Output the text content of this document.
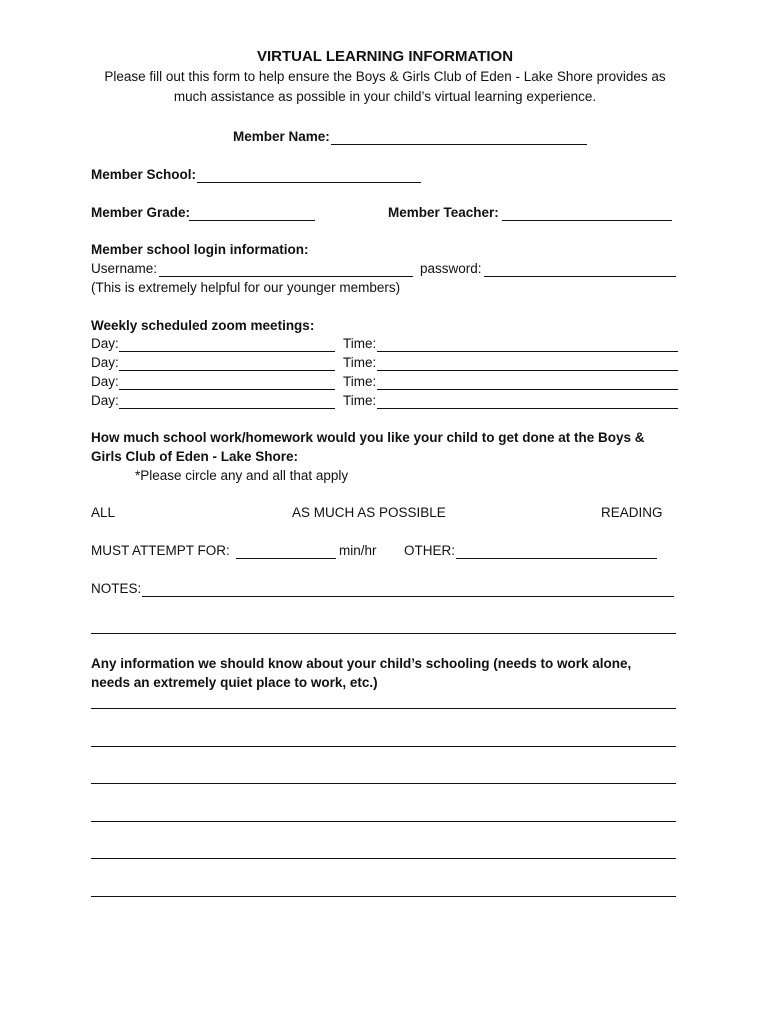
VIRTUAL LEARNING INFORMATION
Please fill out this form to help ensure the Boys & Girls Club of Eden - Lake Shore provides as
much assistance as possible in your child’s virtual learning experience.
Member Name:
Member School:
Member Grade:	Member Teacher:
Member school login information:
Username:	password:
(This is extremely helpful for our younger members)
Weekly scheduled zoom meetings:
Day:	Time:
Day:	Time:
Day:	Time:
Day:	Time:
How much school work/homework would you like your child to get done at the Boys &
Girls Club of Eden - Lake Shore:
*Please circle any and all that apply
ALL	AS MUCH AS POSSIBLE	READING
MUST ATTEMPT FOR:	min/hr OTHER:
NOTES:
Any information we should know about your child’s schooling (needs to work alone,
needs an extremely quiet place to work, etc.)
